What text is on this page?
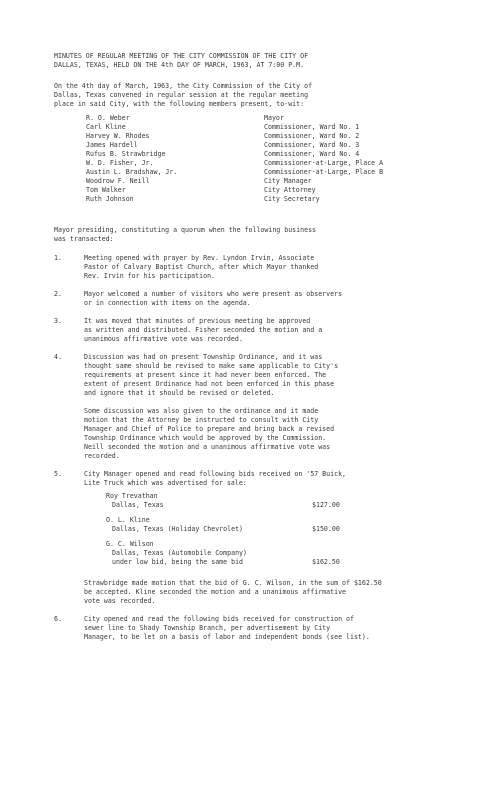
MINUTES OF REGULAR MEETING OF THE CITY COMMISSION OF THE CITY OF
DALLAS, TEXAS, HELD ON THE 4th DAY OF MARCH, 1963, AT 7:00 P.M.
On the 4th day of March, 1963, the City Commission of the City of
Dallas, Texas convened in regular session at the regular meeting
place in said City, with the following members present, to-wit:
R. O. Weber	Mayor
Carl Kline	Commissioner, Ward No. 1
Harvey W. Rhodes	Commissioner, Ward No. 2
James Hardell	Commissioner, Ward No. 3
Rufus B. Strawbridge	Commissioner, Ward No. 4
W. D. Fisher, Jr.	Commissioner-at-Large, Place A
Austin L. Bradshaw, Jr.	Commissioner-at-Large, Place B
Woodrow F. Neill	City Manager
Tom Walker	City Attorney
Ruth Johnson	City Secretary
Mayor presiding, constituting a quorum when the following business
was transacted:
1.	Meeting opened with prayer by Rev. Lyndon Irvin, Associate
Pastor of Calvary Baptist Church, after which Mayor thanked
Rev. Irvin for his participation.
2.	Mayor welcomed a number of visitors who were present as observers
or in connection with items on the agenda.
3.	It was moved that minutes of previous meeting be approved
as written and distributed. Fisher seconded the motion and a
unanimous affirmative vote was recorded.
4.	Discussion was had on present Township Ordinance, and it was
thought same should be revised to make same applicable to City's
requirements at present since it had never been enforced. The
extent of present Ordinance had not been enforced in this phase
and ignore that it should be revised or deleted.
Some discussion was also given to the ordinance and it made
motion that the Attorney be instructed to consult with City
Manager and Chief of Police to prepare and bring back a revised
Township Ordinance which would be approved by the Commission.
Neill seconded the motion and a unanimous affirmative vote was
recorded.
5.	City Manager opened and read following bids received on '57 Buick,
Lite Truck which was advertised for sale:
Roy Trevathan
Dallas, Texas	$127.00
O. L. Kline
Dallas, Texas (Holiday Chevrolet)	$150.00
G. C. Wilson
Dallas, Texas (Automobile Company)
under low bid, being the same bid	$162.50
Strawbridge made motion that the bid of G. C. Wilson, in the sum of $162.50
be accepted. Kline seconded the motion and a unanimous affirmative
vote was recorded.
6.	City opened and read the following bids received for construction of
sewer line to Shady Township Branch, per advertisement by City
Manager, to be let on a basis of labor and independent bonds (see list).
